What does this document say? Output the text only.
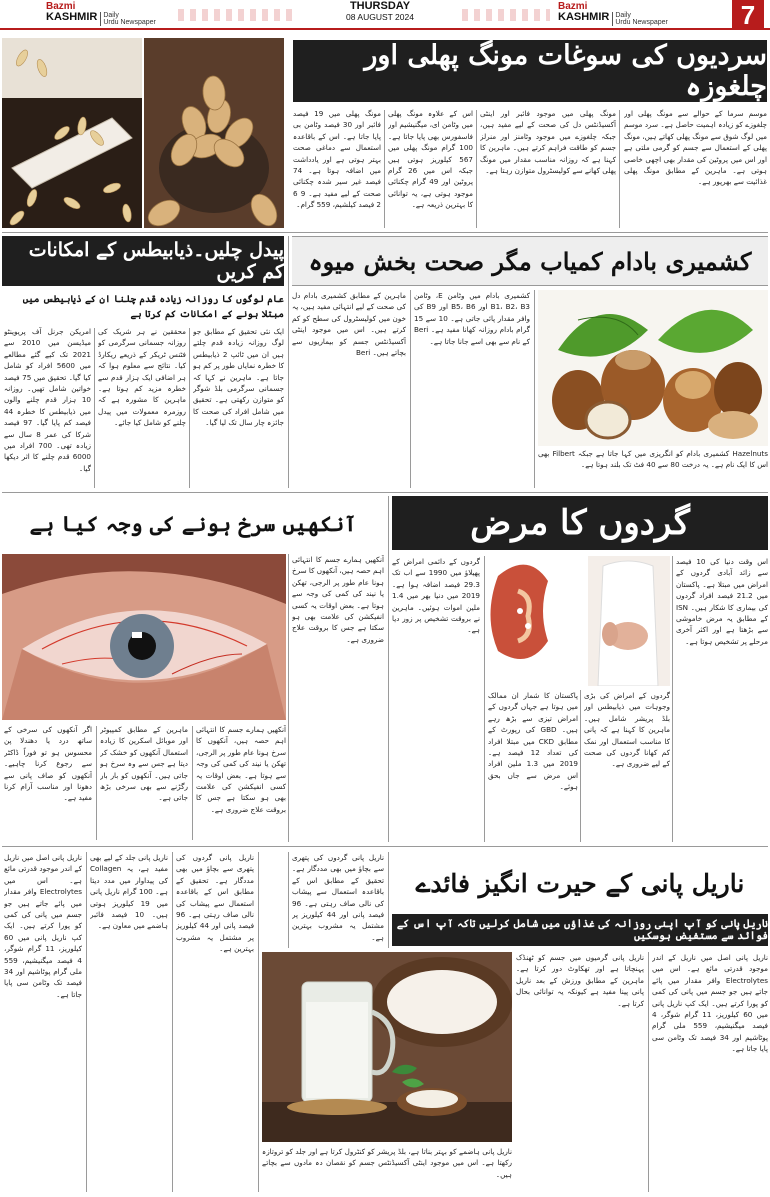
Bazmi
KASHMIR Daily
Urdu Newspaper
THURSDAY
08 AUGUST 2024
Bazmi
KASHMIR Daily
Urdu Newspaper	7
سردیوں کی سوغات مونگ پھلی اور چلغوزہ
موسم سرما کے حوالے سے مونگ پھلی اور چلغوزے کو زیادہ اہمیت حاصل ہے۔ سرد موسم میں لوگ شوق سے مونگ پھلی کھاتے ہیں، مونگ پھلی کے استعمال سے جسم کو گرمی ملتی ہے اور اس میں پروٹین کی مقدار بھی اچھی خاصی ہوتی ہے۔ ماہرین کے مطابق مونگ پھلی غذائیت سے بھرپور ہے۔
مونگ پھلی میں موجود فائبر اور اینٹی آکسیڈنٹس دل کی صحت کے لیے مفید ہیں، جبکہ چلغوزے میں موجود وٹامنز اور منرلز جسم کو طاقت فراہم کرتے ہیں۔ ماہرین کا کہنا ہے کہ روزانہ مناسب مقدار میں مونگ پھلی کھانے سے کولیسٹرول متوازن رہتا ہے۔
اس کے علاوہ مونگ پھلی میں وٹامن ای، میگنیشیم اور فاسفورس بھی پایا جاتا ہے۔ 100 گرام مونگ پھلی میں 567 کیلوریز ہوتی ہیں جبکہ اس میں 26 گرام پروٹین اور 49 گرام چکنائی موجود ہوتی ہے، یہ توانائی کا بہترین ذریعہ ہے۔
مونگ پھلی میں 19 فیصد فائبر اور 30 فیصد وٹامن بی پایا جاتا ہے۔ اس کے باقاعدہ استعمال سے دماغی صحت بہتر ہوتی ہے اور یادداشت میں اضافہ ہوتا ہے۔ 74 فیصد غیر سیر شدہ چکنائی صحت کے لیے مفید ہے۔ 9 6 2 فیصد کیلشیم، 559 گرام۔
پیدل چلیں۔ذیابیطس کے امکانات کم کریں
عام لوگوں کا روزانہ زیادہ قدم چلنا ان کے ذیابیطس میں مبتلا ہونے کے امکانات کم کرتا ہے
ایک نئی تحقیق کے مطابق جو لوگ روزانہ زیادہ قدم چلتے ہیں ان میں ٹائپ 2 ذیابیطس کا خطرہ نمایاں طور پر کم ہو جاتا ہے۔ ماہرین نے کہا کہ جسمانی سرگرمی بلڈ شوگر کو متوازن رکھتی ہے۔ تحقیق میں شامل افراد کی صحت کا جائزہ چار سال تک لیا گیا۔
محققین نے ہر شریک کی روزانہ جسمانی سرگرمی کو فٹنس ٹریکر کے ذریعے ریکارڈ کیا۔ نتائج سے معلوم ہوا کہ ہر اضافی ایک ہزار قدم سے خطرہ مزید کم ہوتا ہے۔ ماہرین کا مشورہ ہے کہ روزمرہ معمولات میں پیدل چلنے کو شامل کیا جائے۔
امریکن جرنل آف پریوینٹو میڈیسن میں 2010 سے 2021 تک کیے گئے مطالعے میں 5600 افراد کو شامل کیا گیا۔ تحقیق میں 75 فیصد خواتین شامل تھیں۔ روزانہ 10 ہزار قدم چلنے والوں میں ذیابیطس کا خطرہ 44 فیصد کم پایا گیا۔ 97 فیصد شرکا کی عمر 8 سال سے زیادہ تھی۔ 700 افراد میں 6000 قدم چلنے کا اثر دیکھا گیا۔
کشمیری بادام کمیاب مگر صحت بخش میوہ
Hazelnuts کشمیری بادام کو انگریزی میں کہا جاتا ہے جبکہ Filbert بھی اس کا ایک نام ہے۔ یہ درخت 80 سے 40 فٹ تک بلند ہوتا ہے۔
کشمیری بادام میں وٹامن E، وٹامن B1، B2، B3 اور B5، B6 اور B9 کی وافر مقدار پائی جاتی ہے۔ 10 سے 15 گرام بادام روزانہ کھانا مفید ہے۔ Beri کے نام سے بھی اسے جانا جاتا ہے۔
ماہرین کے مطابق کشمیری بادام دل کی صحت کے لیے انتہائی مفید ہیں، یہ خون میں کولیسٹرول کی سطح کو کم کرتے ہیں۔ اس میں موجود اینٹی آکسیڈنٹس جسم کو بیماریوں سے بچاتے ہیں۔ Beri
آنکھیں سرخ ہونے کی وجہ کیا ہے
آنکھیں ہمارے جسم کا انتہائی اہم حصہ ہیں، آنکھوں کا سرخ ہونا عام طور پر الرجی، تھکن یا نیند کی کمی کی وجہ سے ہوتا ہے۔ بعض اوقات یہ کسی انفیکشن کی علامت بھی ہو سکتا ہے جس کا بروقت علاج ضروری ہے۔
ماہرین کے مطابق کمپیوٹر اور موبائل اسکرین کا زیادہ استعمال آنکھوں کو خشک کر دیتا ہے جس سے وہ سرخ ہو جاتی ہیں۔ آنکھوں کو بار بار رگڑنے سے بھی سرخی بڑھ جاتی ہے۔
اگر آنکھوں کی سرخی کے ساتھ درد یا دھندلا پن محسوس ہو تو فوراً ڈاکٹر سے رجوع کرنا چاہیے۔ آنکھوں کو صاف پانی سے دھونا اور مناسب آرام کرنا مفید ہے۔
آنکھیں ہمارے جسم کا انتہائی اہم حصہ ہیں، آنکھوں کا سرخ ہونا عام طور پر الرجی، تھکن یا نیند کی کمی کی وجہ سے ہوتا ہے۔ بعض اوقات یہ کسی انفیکشن کی علامت بھی ہو سکتا ہے جس کا بروقت علاج ضروری ہے۔
گردوں کا مرض
اس وقت دنیا کی 10 فیصد سے زائد آبادی گردوں کے امراض میں مبتلا ہے۔ پاکستان میں 21.2 فیصد افراد گردوں کی بیماری کا شکار ہیں۔ ISN کے مطابق یہ مرض خاموشی سے بڑھتا ہے اور اکثر آخری مرحلے پر تشخیص ہوتا ہے۔
گردوں کے امراض کی بڑی وجوہات میں ذیابیطس اور بلڈ پریشر شامل ہیں۔ ماہرین کا کہنا ہے کہ پانی کا مناسب استعمال اور نمک کم کھانا گردوں کی صحت کے لیے ضروری ہے۔
پاکستان کا شمار ان ممالک میں ہوتا ہے جہاں گردوں کے امراض تیزی سے بڑھ رہے ہیں۔ GBD کی رپورٹ کے مطابق CKD میں مبتلا افراد کی تعداد 12 فیصد ہے۔ 2019 میں 1.3 ملین افراد اس مرض سے جاں بحق ہوئے۔
گردوں کے دائمی امراض کے پھیلاؤ میں 1990 سے اب تک 29.3 فیصد اضافہ ہوا ہے۔ 2019 میں دنیا بھر میں 1.4 ملین اموات ہوئیں۔ ماہرین نے بروقت تشخیص پر زور دیا ہے۔
ناریل پانی کے حیرت انگیز فائدے
ناریل پانی کو آپ اپنی روزانہ کی غذاؤں میں شامل کرلیں تاکہ آپ اس کے فوائد سے مستفیض ہوسکیں
ناریل پانی اصل میں ناریل کے اندر موجود قدرتی مائع ہے۔ اس میں Electrolytes وافر مقدار میں پائے جاتے ہیں جو جسم میں پانی کی کمی کو پورا کرتے ہیں۔ ایک کپ ناریل پانی میں 60 کیلوریز، 11 گرام شوگر، 4 فیصد میگنیشیم، 559 ملی گرام پوٹاشیم اور 34 فیصد تک وٹامن سی پایا جاتا ہے۔
ناریل پانی گرمیوں میں جسم کو ٹھنڈک پہنچاتا ہے اور تھکاوٹ دور کرتا ہے۔ ماہرین کے مطابق ورزش کے بعد ناریل پانی پینا مفید ہے کیونکہ یہ توانائی بحال کرتا ہے۔
ناریل پانی ہاضمے کو بہتر بناتا ہے، بلڈ پریشر کو کنٹرول کرتا ہے اور جلد کو تروتازہ رکھتا ہے۔ اس میں موجود اینٹی آکسیڈنٹس جسم کو نقصان دہ مادوں سے بچاتے ہیں۔
ناریل پانی گردوں کی پتھری سے بچاؤ میں بھی مددگار ہے۔ تحقیق کے مطابق اس کے باقاعدہ استعمال سے پیشاب کی نالی صاف رہتی ہے۔ 96 فیصد پانی اور 44 کیلوریز پر مشتمل یہ مشروب بہترین ہے۔
ناریل پانی گردوں کی پتھری سے بچاؤ میں بھی مددگار ہے۔ تحقیق کے مطابق اس کے باقاعدہ استعمال سے پیشاب کی نالی صاف رہتی ہے۔ 96 فیصد پانی اور 44 کیلوریز پر مشتمل یہ مشروب بہترین ہے۔
ناریل پانی جلد کے لیے بھی مفید ہے، یہ Collagen کی پیداوار میں مدد دیتا ہے۔ 100 گرام ناریل پانی میں 19 کیلوریز ہوتی ہیں۔ 10 فیصد فائبر ہاضمے میں معاون ہے۔
ناریل پانی اصل میں ناریل کے اندر موجود قدرتی مائع ہے۔ اس میں Electrolytes وافر مقدار میں پائے جاتے ہیں جو جسم میں پانی کی کمی کو پورا کرتے ہیں۔ ایک کپ ناریل پانی میں 60 کیلوریز، 11 گرام شوگر، 4 فیصد میگنیشیم، 559 ملی گرام پوٹاشیم اور 34 فیصد تک وٹامن سی پایا جاتا ہے۔
